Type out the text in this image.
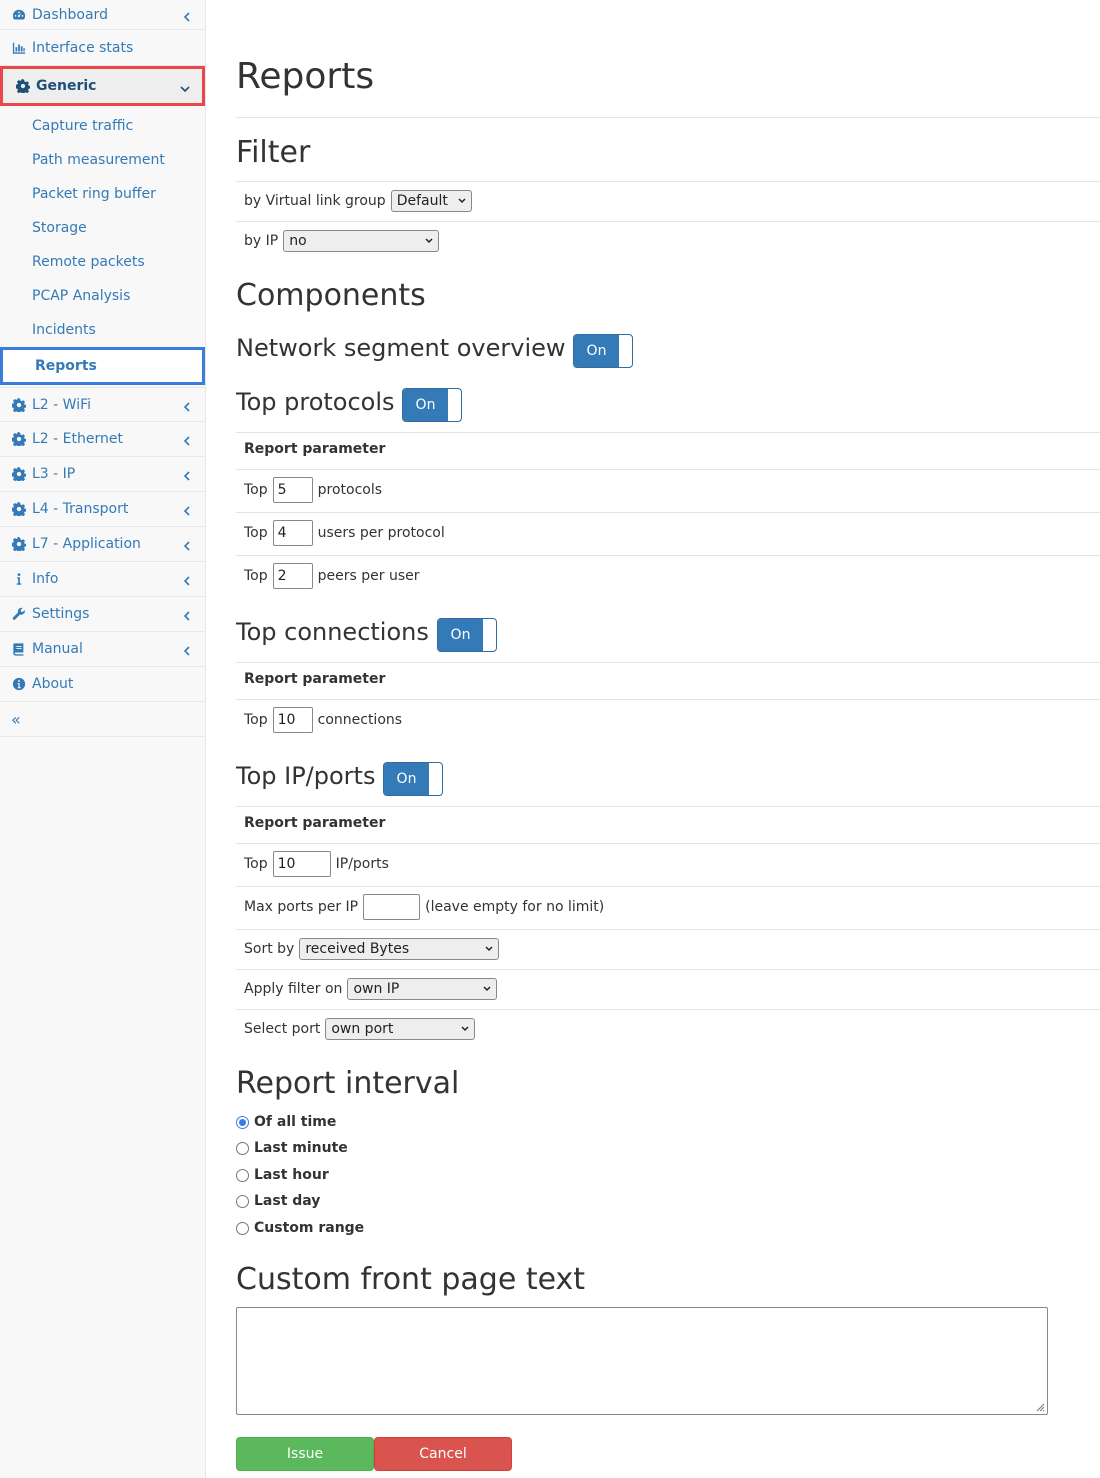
Dashboard
Interface stats
Generic
Capture traffic
Path measurement
Packet ring buffer
Storage
Remote packets
PCAP Analysis
Incidents
Reports
L2 - WiFi
L2 - Ethernet
L3 - IP
L4 - Transport
L7 - Application
Info
Settings
Manual
About
«
Reports
Filter
by Virtual link group Default
by IP no
Components
Network segment overview	On
Top protocols	On
Report parameter
Top 5	protocols
Top 4	users per protocol
Top 2	peers per user
Top connections	On
Report parameter
Top 10	connections
Top IP/ports	On
Report parameter
Top 10	IP/ports
Max ports per IP	(leave empty for no limit)
Sort by received Bytes
Apply filter on own IP
Select port own port
Report interval
Of all time
Last minute
Last hour
Last day
Custom range
Custom front page text
Issue	Cancel
